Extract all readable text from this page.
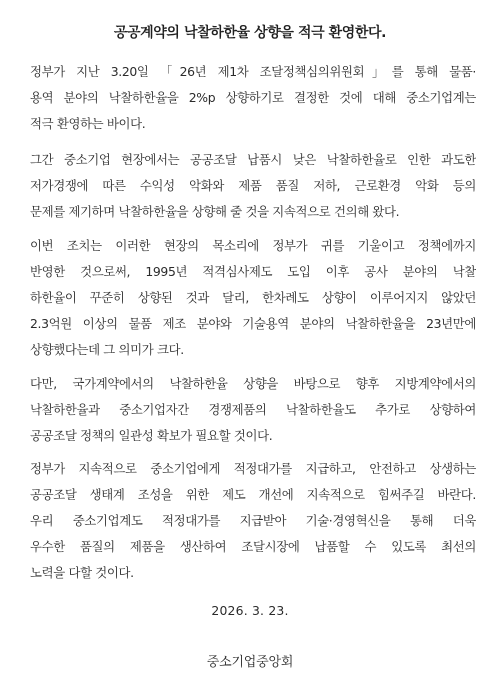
공공계약의 낙찰하한율 상향을 적극 환영한다.
정부가 지난 3.20일 「26년 제1차 조달정책심의위원회」를 통해 물품·
용역 분야의 낙찰하한율을 2%p 상향하기로 결정한 것에 대해 중소기업계는
적극 환영하는 바이다.
그간 중소기업 현장에서는 공공조달 납품시 낮은 낙찰하한율로 인한 과도한
저가경쟁에 따른 수익성 악화와 제품 품질 저하, 근로환경 악화 등의
문제를 제기하며 낙찰하한율을 상향해 줄 것을 지속적으로 건의해 왔다.
이번 조치는 이러한 현장의 목소리에 정부가 귀를 기울이고 정책에까지
반영한 것으로써, 1995년 적격심사제도 도입 이후 공사 분야의 낙찰
하한율이 꾸준히 상향된 것과 달리, 한차례도 상향이 이루어지지 않았던
2.3억원 이상의 물품 제조 분야와 기술용역 분야의 낙찰하한율을 23년만에
상향했다는데 그 의미가 크다.
다만, 국가계약에서의 낙찰하한율 상향을 바탕으로 향후 지방계약에서의
낙찰하한율과 중소기업자간 경쟁제품의 낙찰하한율도 추가로 상향하여
공공조달 정책의 일관성 확보가 필요할 것이다.
정부가 지속적으로 중소기업에게 적정대가를 지급하고, 안전하고 상생하는
공공조달 생태계 조성을 위한 제도 개선에 지속적으로 힘써주길 바란다.
우리 중소기업계도 적정대가를 지급받아 기술·경영혁신을 통해 더욱
우수한 품질의 제품을 생산하여 조달시장에 납품할 수 있도록 최선의
노력을 다할 것이다.
2026. 3. 23.
중소기업중앙회
